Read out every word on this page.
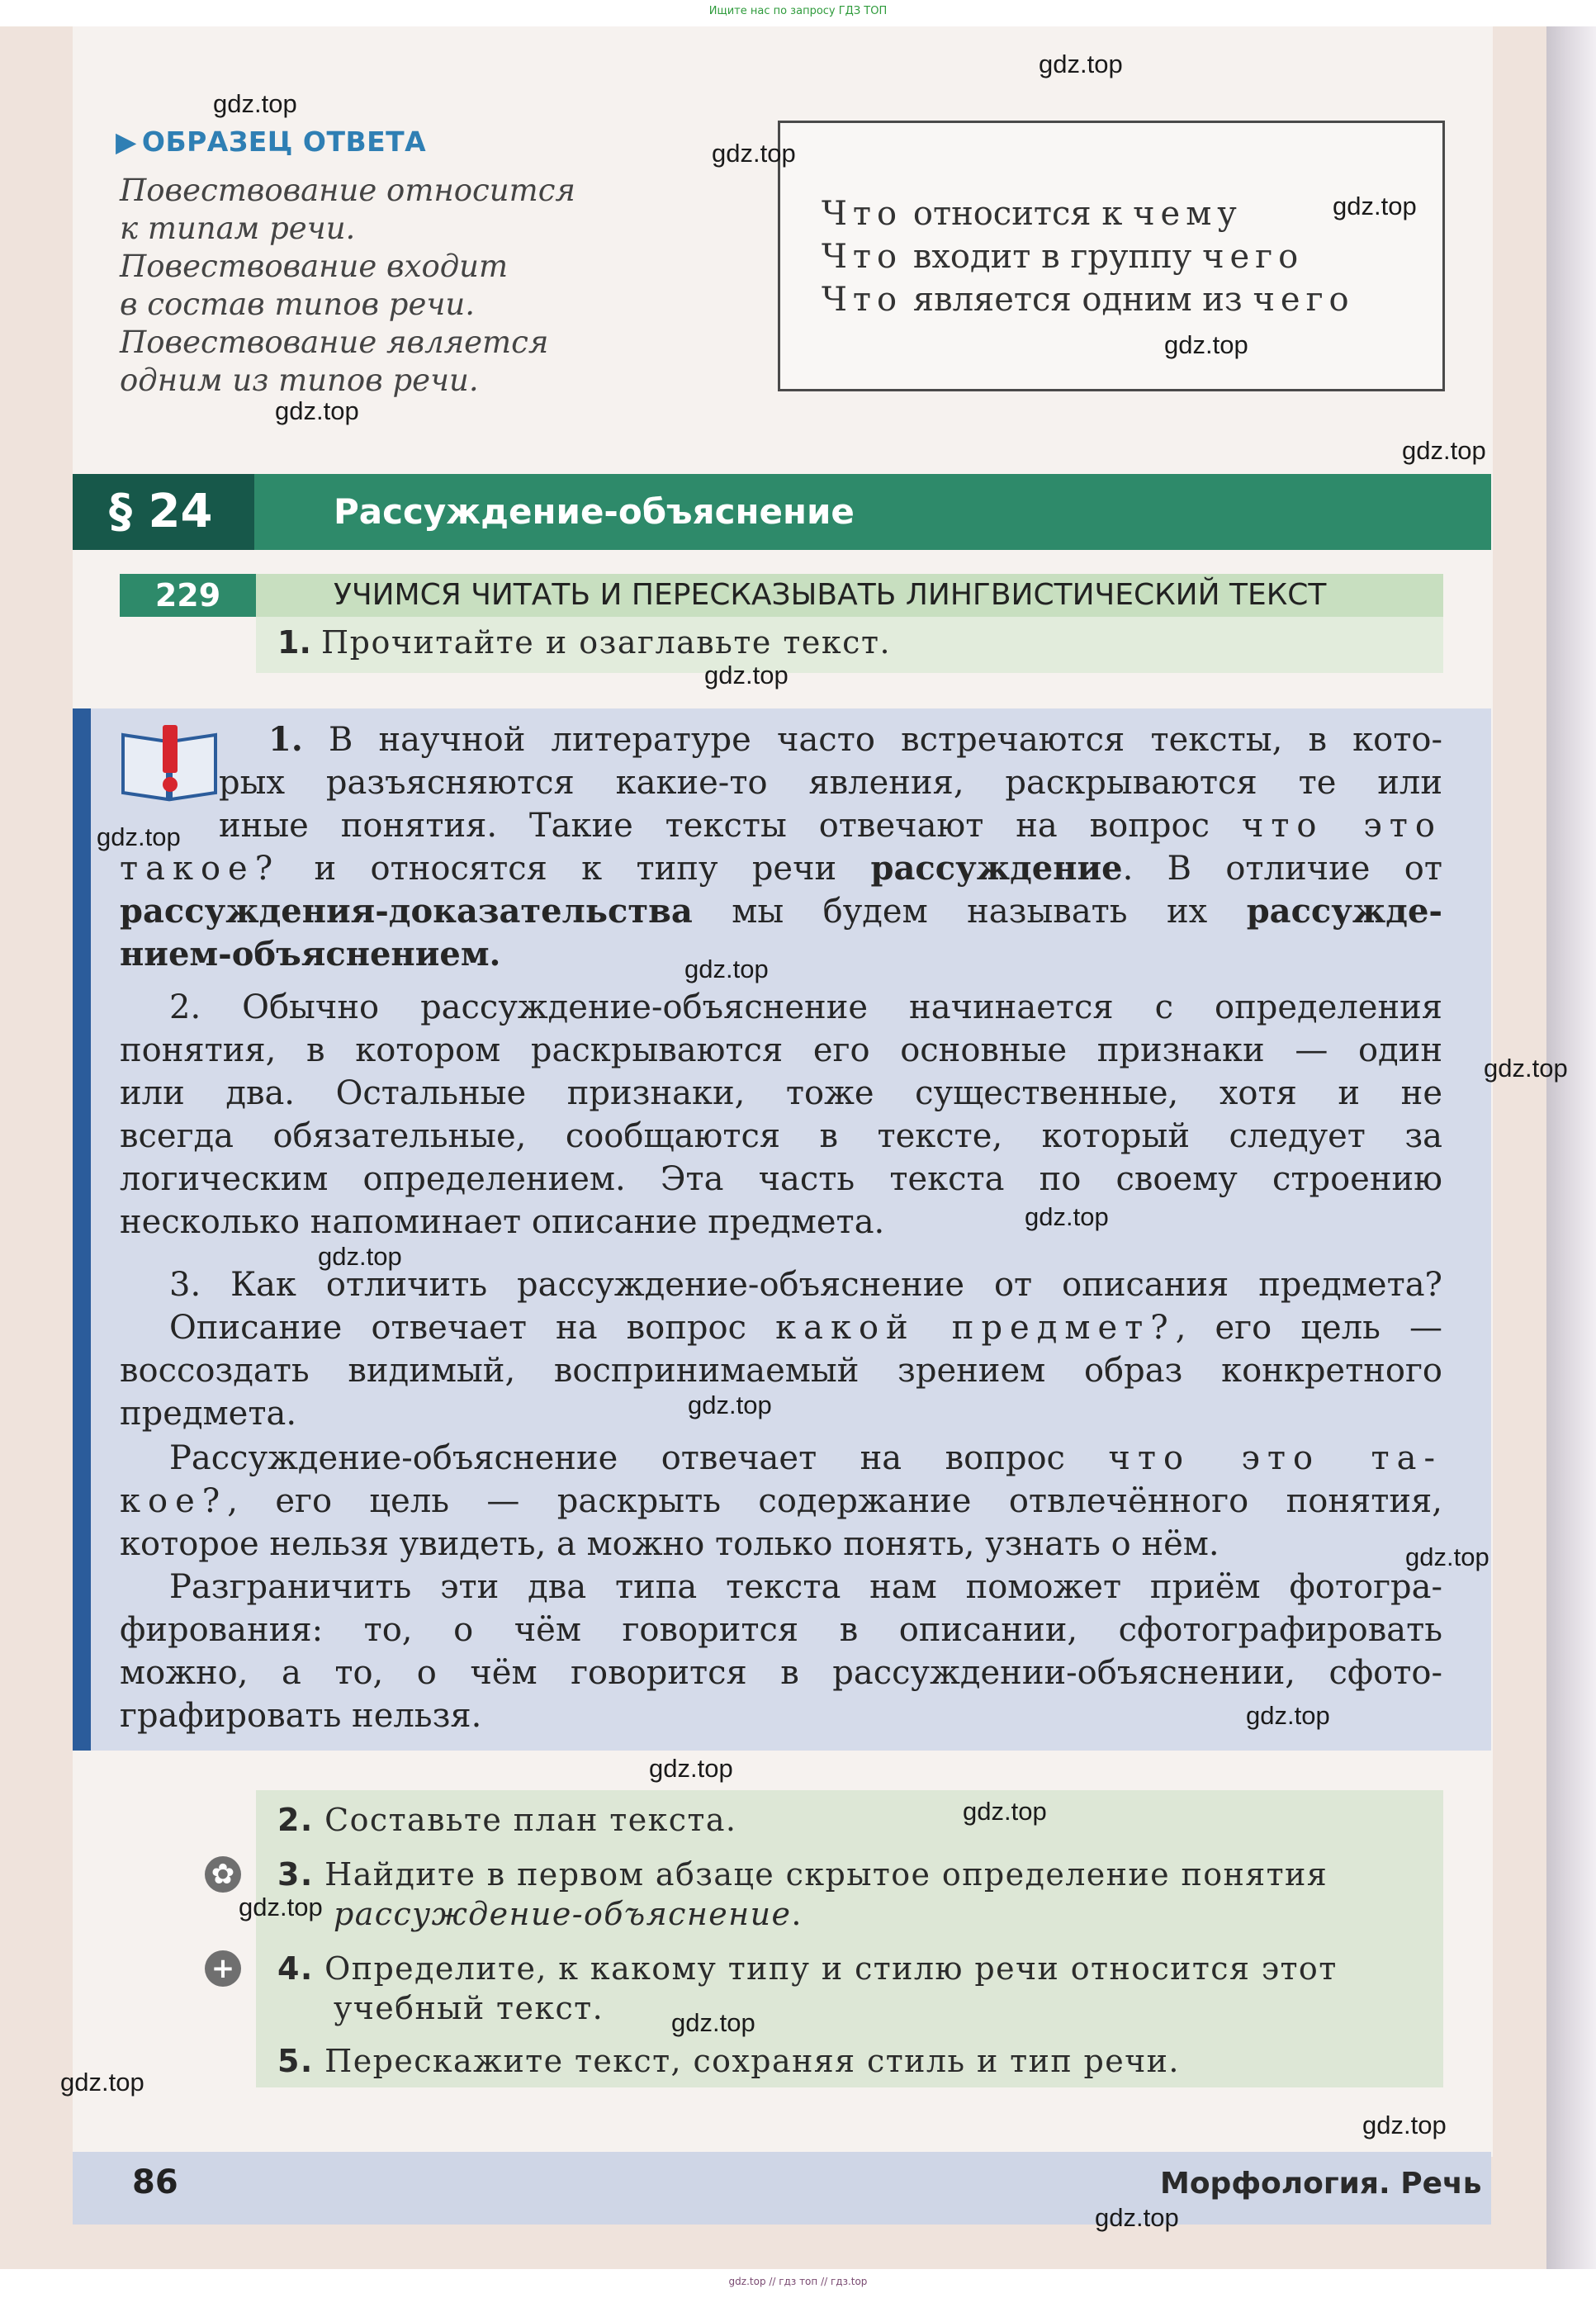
Ищите нас по запросу ГДЗ ТОП
▶ ОБРАЗЕЦ ОТВЕТА
Повествование относится
к типам речи.
Повествование входит
в состав типов речи.
Повествование является
одним из типов речи.
Что относится к чему
Что входит в группу чего
Что является одним из чего
§ 24	Рассуждение-объяснение
229	УЧИМСЯ ЧИТАТЬ И ПЕРЕСКАЗЫВАТЬ ЛИНГВИСТИЧЕСКИЙ ТЕКСТ
1. Прочитайте и озаглавьте текст.
1. В научной литературе часто встречаются тексты, в кото-
рых разъясняются какие-то явления, раскрываются те или
иные понятия. Такие тексты отвечают на вопрос что это
такое? и относятся к типу речи рассуждение. В отличие от
рассуждения-доказательства мы будем называть их рассужде-
нием-объяснением.
2. Обычно рассуждение-объяснение начинается с определения
понятия, в котором раскрываются его основные признаки — один
или два. Остальные признаки, тоже существенные, хотя и не
всегда обязательные, сообщаются в тексте, который следует за
логическим определением. Эта часть текста по своему строению
несколько напоминает описание предмета.
3. Как отличить рассуждение-объяснение от описания предмета?
Описание отвечает на вопрос какой предмет?, его цель —
воссоздать видимый, воспринимаемый зрением образ конкретного
предмета.
Рассуждение-объяснение отвечает на вопрос что это та-
кое?, его цель — раскрыть содержание отвлечённого понятия,
которое нельзя увидеть, а можно только понять, узнать о нём.
Разграничить эти два типа текста нам поможет приём фотогра-
фирования: то, о чём говорится в описании, сфотографировать
можно, а то, о чём говорится в рассуждении-объяснении, сфото-
графировать нельзя.
2. Составьте план текста.
✿ 3. Найдите в первом абзаце скрытое определение понятия
рассуждение-объяснение.
+ 4. Определите, к какому типу и стилю речи относится этот
учебный текст.
5. Перескажите текст, сохраняя стиль и тип речи.
86	Морфология. Речь
gdz.top
gdz.top
gdz.top
gdz.top
gdz.top
gdz.top
gdz.top
gdz.top
gdz.top
gdz.top
gdz.top
gdz.top
gdz.top
gdz.top
gdz.top
gdz.top
gdz.top
gdz.top
gdz.top
gdz.top
gdz.top
gdz.top
gdz.top
gdz.top // гдз топ // гдз.top
